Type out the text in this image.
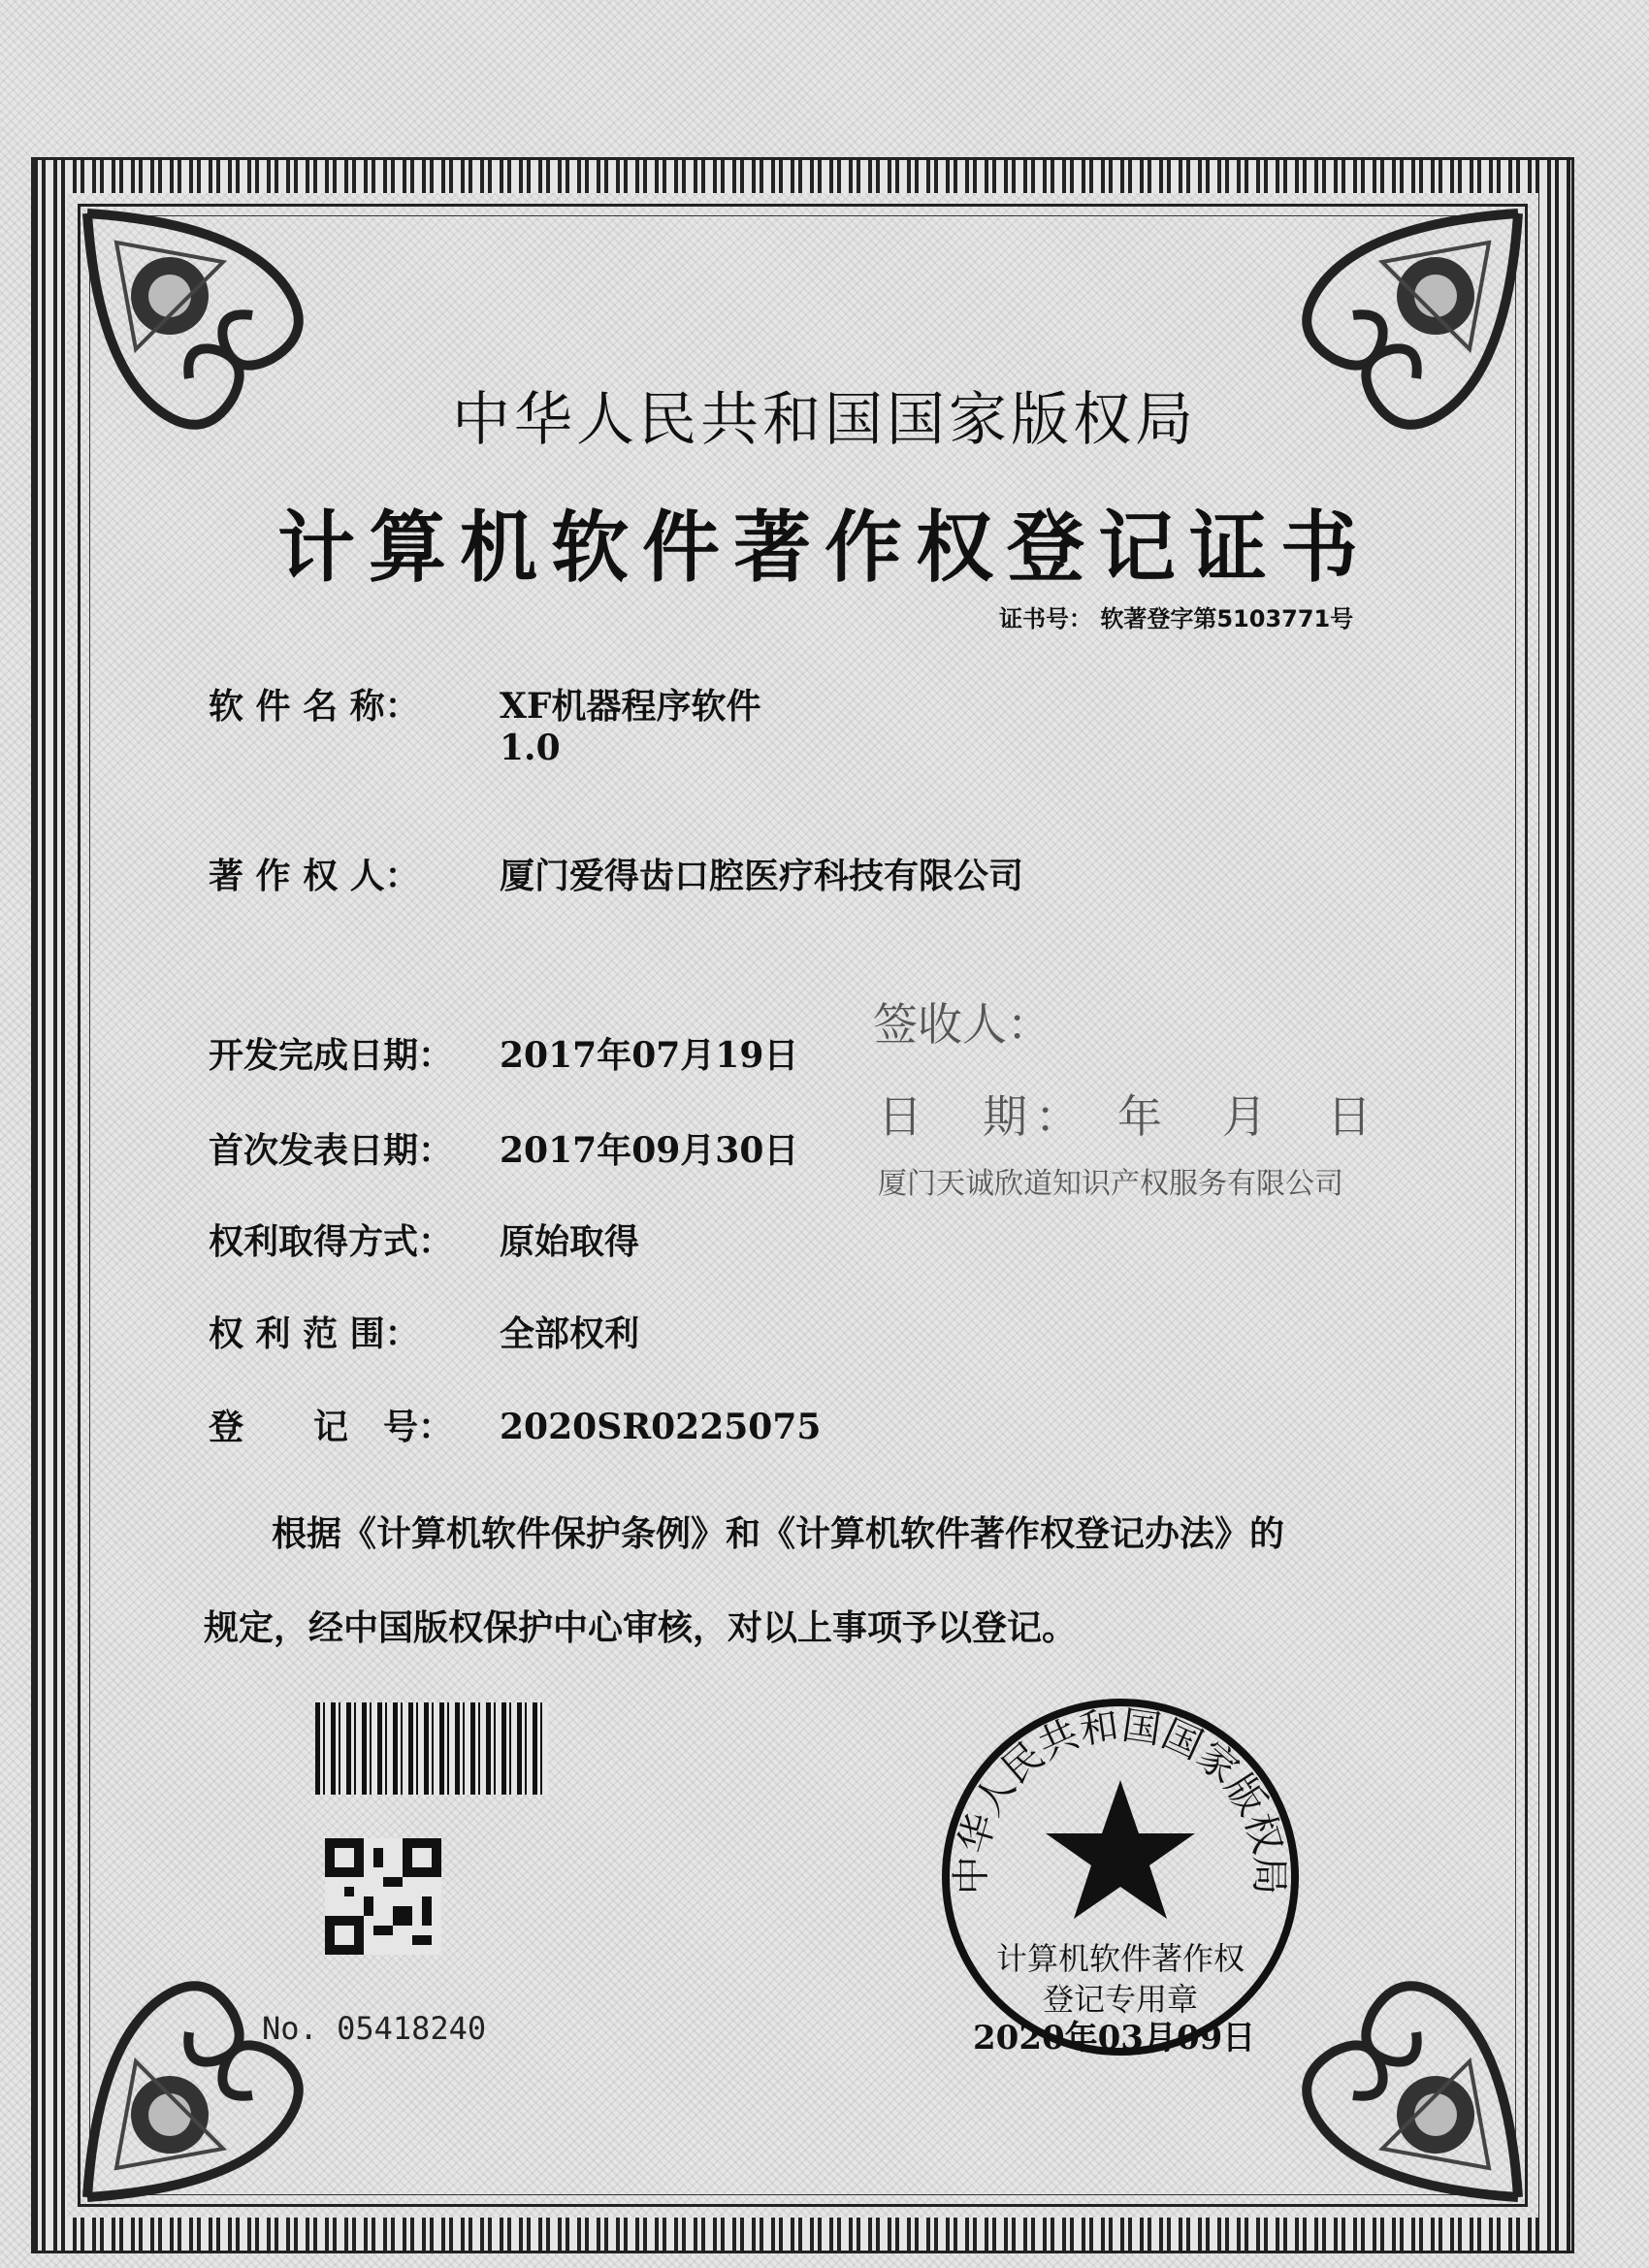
中华人民共和国国家版权局
计算机软件著作权登记证书
证书号： 软著登字第5103771号
软 件 名 称： XF机器程序软件
1.0
著 作 权 人： 厦门爱得齿口腔医疗科技有限公司
开发完成日期： 2017年07月19日
首次发表日期： 2017年09月30日
权利取得方式： 原始取得
权 利 范 围： 全部权利
登　　记　号： 2020SR0225075
根据《计算机软件保护条例》和《计算机软件著作权登记办法》的
规定，经中国版权保护中心审核，对以上事项予以登记。
签收人：
日　期：　年　月　日
厦门天诚欣道知识产权服务有限公司
No. 05418240
中华人民共和国国家版权局
计算机软件著作权
登记专用章
2020年03月09日
